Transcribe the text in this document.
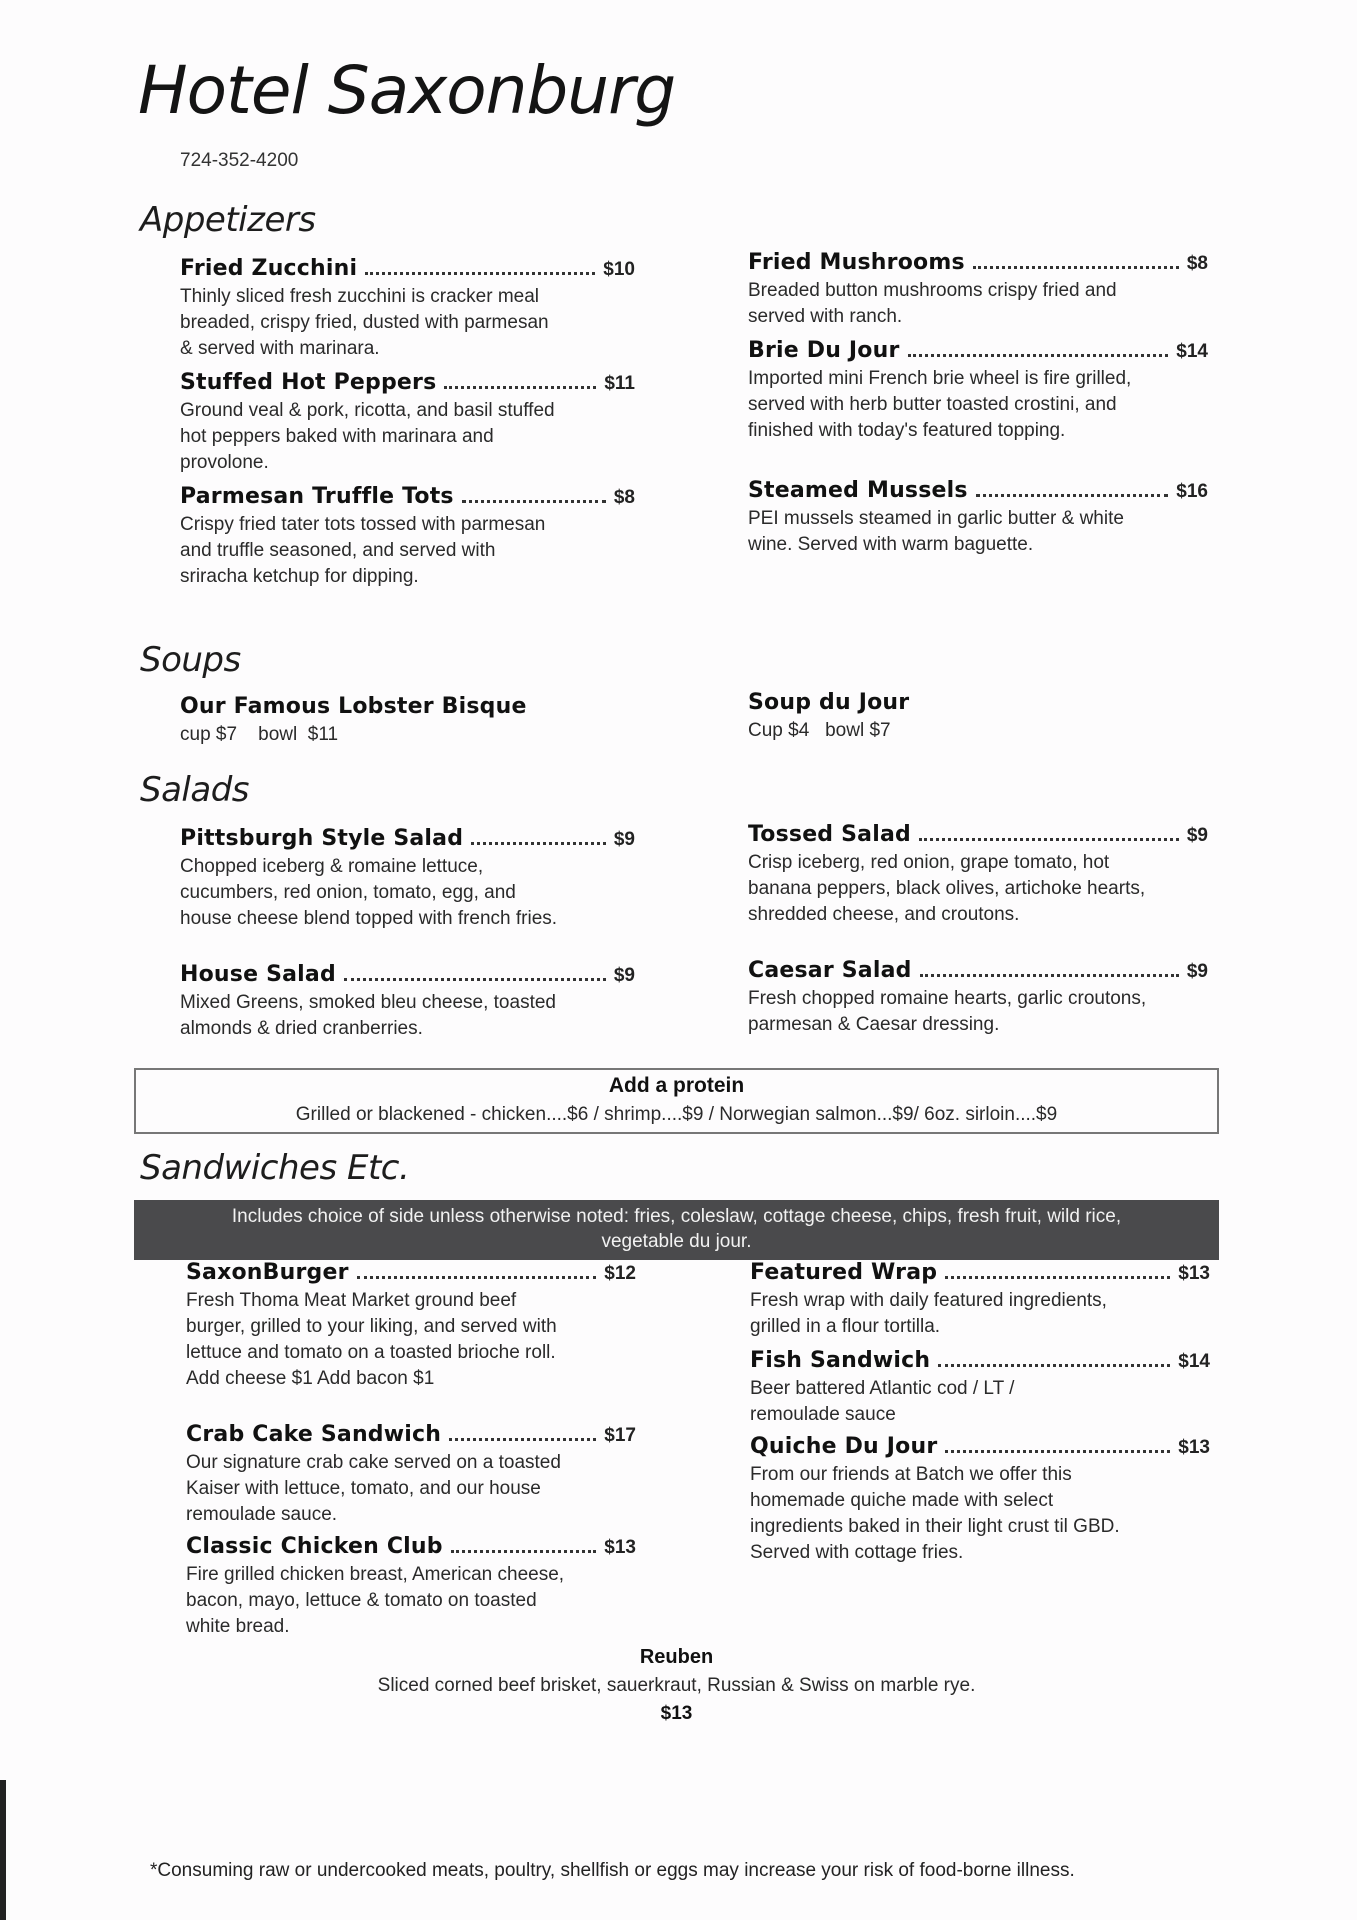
Hotel Saxonburg
724-352-4200
Appetizers
Fried Zucchini	$10
Thinly sliced fresh zucchini is cracker meal breaded, crispy fried, dusted with parmesan & served with marinara.
Stuffed Hot Peppers	$11
Ground veal & pork, ricotta, and basil stuffed hot peppers baked with marinara and provolone.
Parmesan Truffle Tots	$8
Crispy fried tater tots tossed with parmesan and truffle seasoned, and served with sriracha ketchup for dipping.
Fried Mushrooms	$8
Breaded button mushrooms crispy fried and served with ranch.
Brie Du Jour	$14
Imported mini French brie wheel is fire grilled, served with herb butter toasted crostini, and finished with today's featured topping.
Steamed Mussels	$16
PEI mussels steamed in garlic butter & white wine. Served with warm baguette.
Soups
Our Famous Lobster Bisque
cup $7    bowl  $11
Soup du Jour
Cup $4   bowl $7
Salads
Pittsburgh Style Salad	$9
Chopped iceberg & romaine lettuce, cucumbers, red onion, tomato, egg, and house cheese blend topped with french fries.
House Salad	$9
Mixed Greens, smoked bleu cheese, toasted almonds & dried cranberries.
Tossed Salad	$9
Crisp iceberg, red onion, grape tomato, hot banana peppers, black olives, artichoke hearts, shredded cheese, and croutons.
Caesar Salad	$9
Fresh chopped romaine hearts, garlic croutons, parmesan & Caesar dressing.
Add a protein
Grilled or blackened - chicken....$6 / shrimp....$9 / Norwegian salmon...$9/ 6oz. sirloin....$9
Sandwiches Etc.
Includes choice of side unless otherwise noted: fries, coleslaw, cottage cheese, chips, fresh fruit, wild rice,
vegetable du jour.
SaxonBurger	$12
Fresh Thoma Meat Market ground beef burger, grilled to your liking, and served with lettuce and tomato on a toasted brioche roll. Add cheese $1 Add bacon $1
Crab Cake Sandwich	$17
Our signature crab cake served on a toasted Kaiser with lettuce, tomato, and our house remoulade sauce.
Classic Chicken Club	$13
Fire grilled chicken breast, American cheese, bacon, mayo, lettuce & tomato on toasted white bread.
Featured Wrap	$13
Fresh wrap with daily featured ingredients, grilled in a flour tortilla.
Fish Sandwich	$14
Beer battered Atlantic cod / LT / remoulade sauce
Quiche Du Jour	$13
From our friends at Batch we offer this homemade quiche made with select ingredients baked in their light crust til GBD. Served with cottage fries.
Reuben
Sliced corned beef brisket, sauerkraut, Russian & Swiss on marble rye.
$13
*Consuming raw or undercooked meats, poultry, shellfish or eggs may increase your risk of food-borne illness.
